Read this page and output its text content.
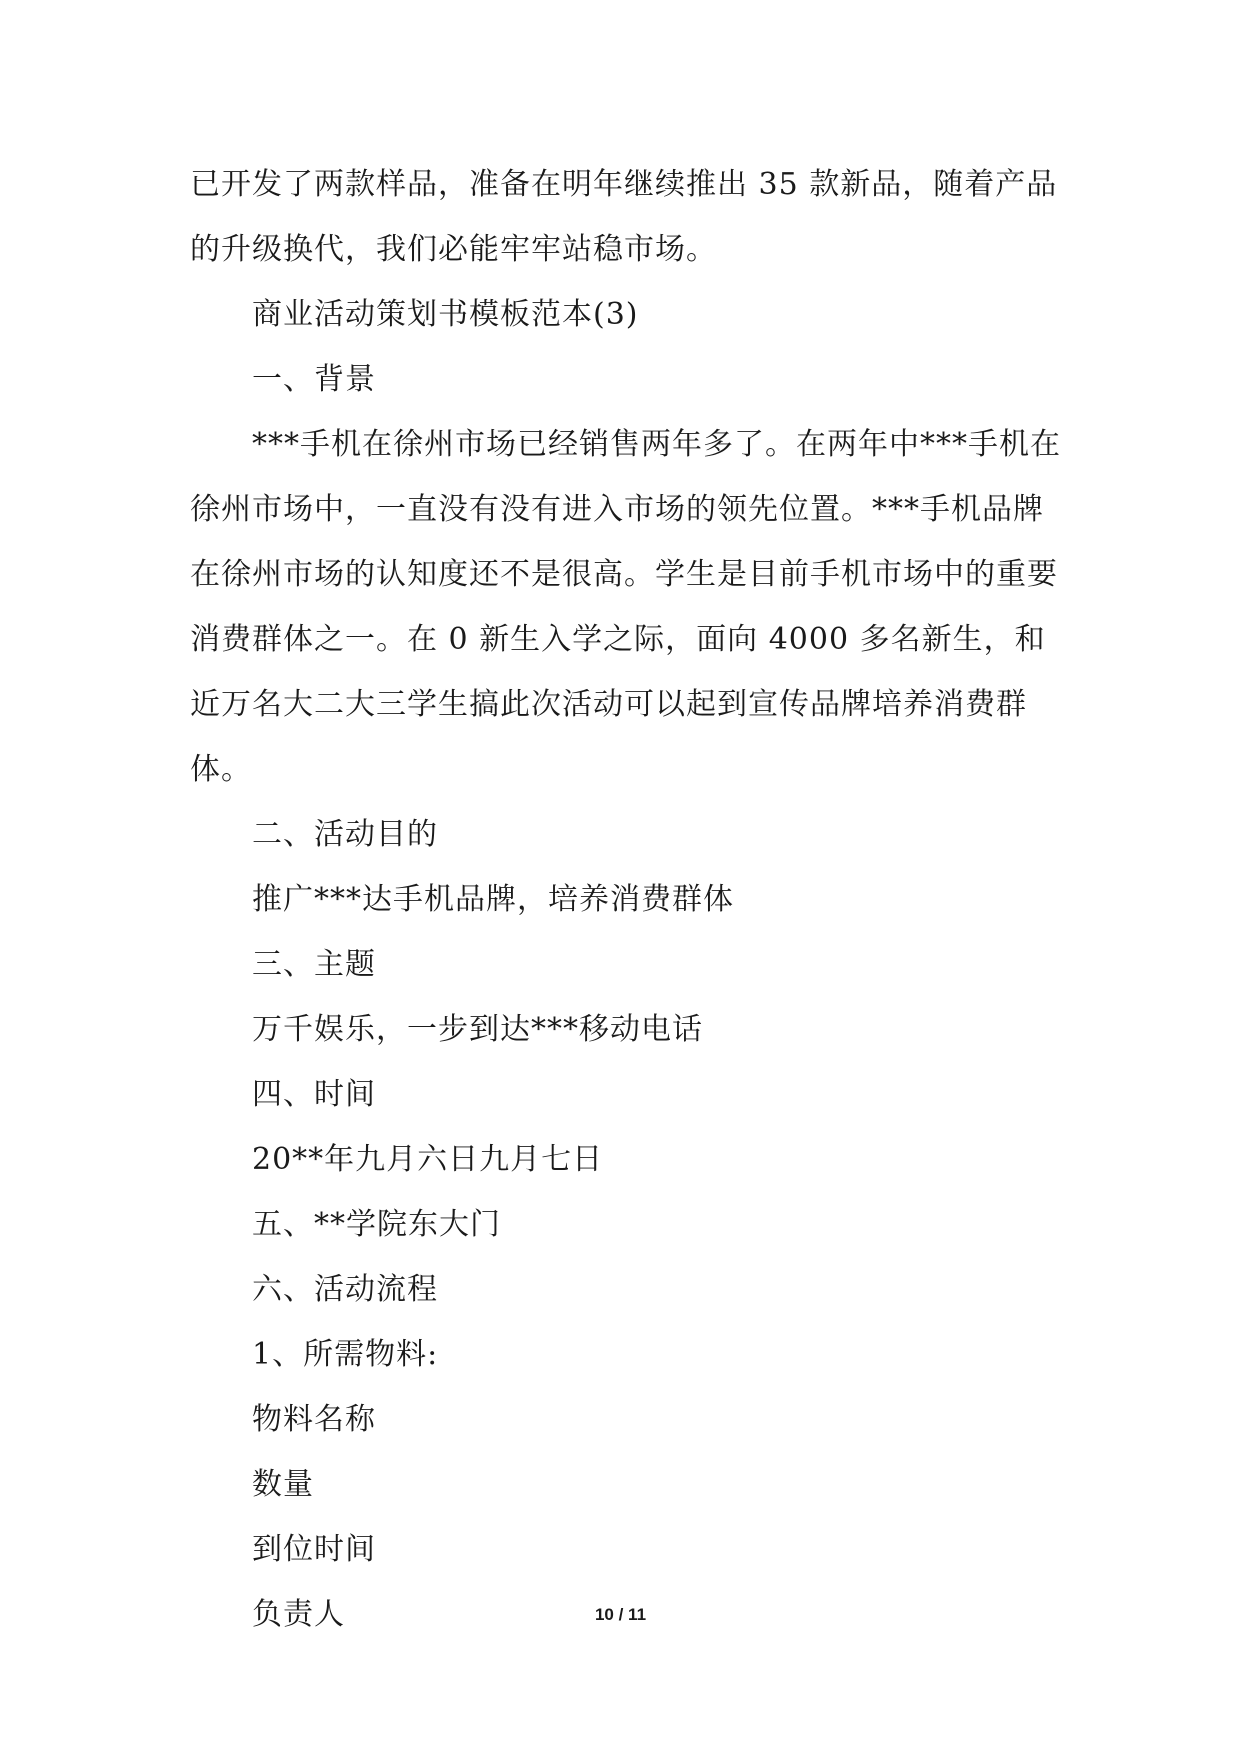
已开发了两款样品，准备在明年继续推出 35 款新品，随着产品的升级换代，我们必能牢牢站稳市场。

商业活动策划书模板范本(3)

一、背景

***手机在徐州市场已经销售两年多了。在两年中***手机在徐州市场中，一直没有没有进入市场的领先位置。***手机品牌在徐州市场的认知度还不是很高。学生是目前手机市场中的重要消费群体之一。在 0 新生入学之际，面向 4000 多名新生，和近万名大二大三学生搞此次活动可以起到宣传品牌培养消费群体。

二、活动目的

推广***达手机品牌，培养消费群体

三、主题

万千娱乐，一步到达***移动电话

四、时间

20**年九月六日九月七日

五、**学院东大门

六、活动流程

1、所需物料:

物料名称

数量

到位时间

负责人	10 / 11
